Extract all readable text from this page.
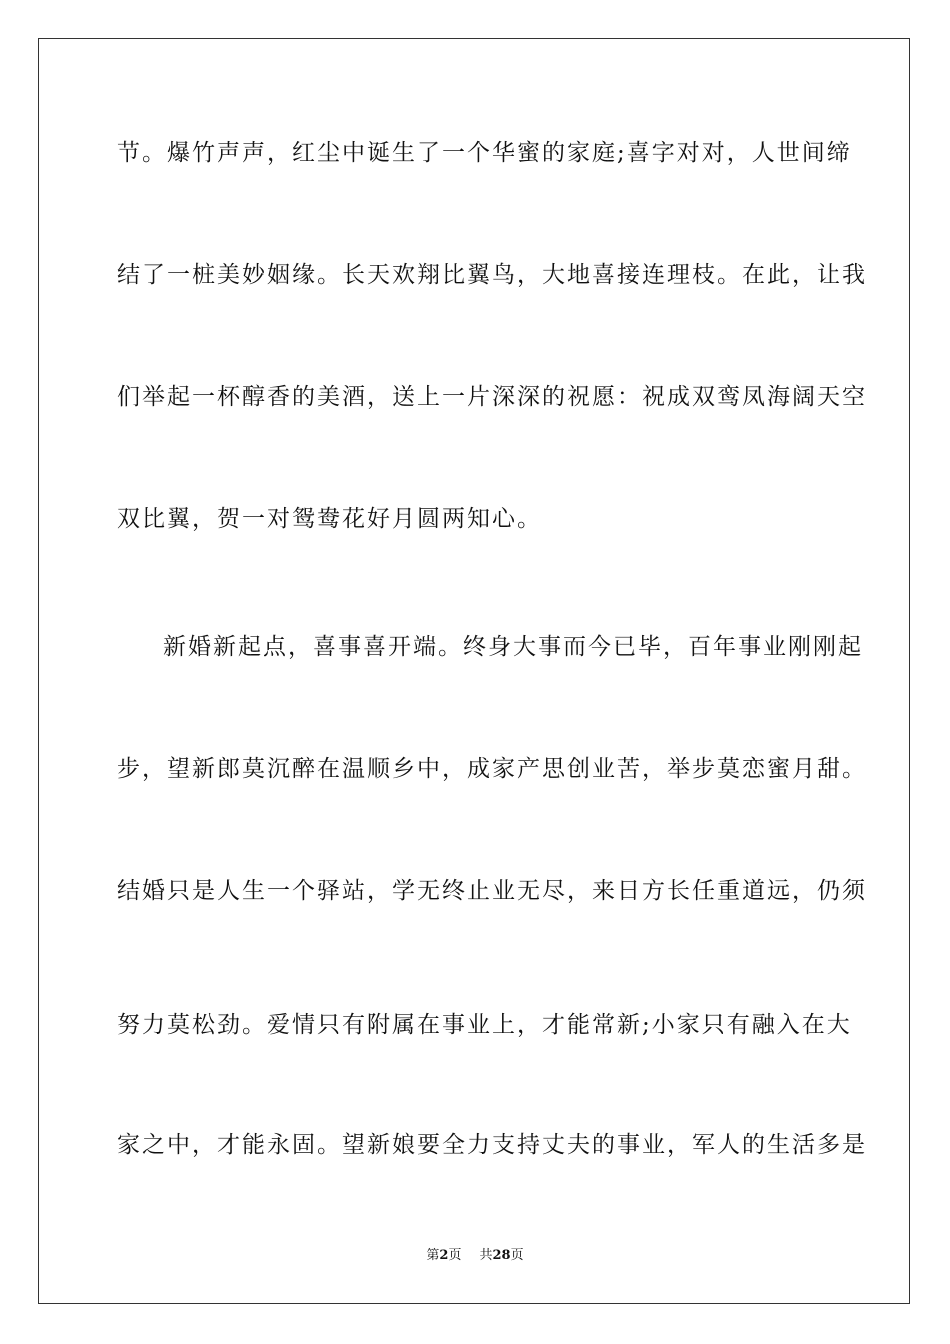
节。爆竹声声，红尘中诞生了一个华蜜的家庭;喜字对对，人世间缔
结了一桩美妙姻缘。长天欢翔比翼鸟，大地喜接连理枝。在此，让我
们举起一杯醇香的美酒，送上一片深深的祝愿：祝成双鸾凤海阔天空
双比翼，贺一对鸳鸯花好月圆两知心。
新婚新起点，喜事喜开端。终身大事而今已毕，百年事业刚刚起
步，望新郎莫沉醉在温顺乡中，成家产思创业苦，举步莫恋蜜月甜。
结婚只是人生一个驿站，学无终止业无尽，来日方长任重道远，仍须
努力莫松劲。爱情只有附属在事业上，才能常新;小家只有融入在大
家之中，才能永固。望新娘要全力支持丈夫的事业，军人的生活多是
第2页 共28页
